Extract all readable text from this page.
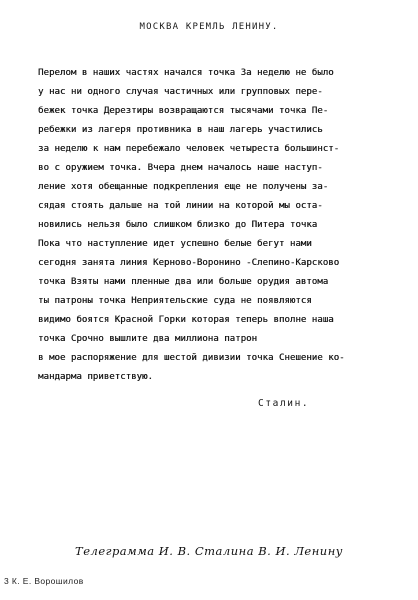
МОСКВА КРЕМЛЬ ЛЕНИНУ.
Перелом в наших частях начался точка За неделю не было
у нас ни одного случая частичных или групповых пере-
бежек точка Дерезтиры возвращаются тысячами точка Пе-
ребежки из лагеря противника в наш лагерь участились
за неделю к нам перебежало человек четыреста большинст-
во с оружием точка. Вчера днем началось наше наступ-
ление хотя обещанные подкрепления еще не получены за-
сядая стоять дальше на той линии на которой мы оста-
новились нельзя было слишком близко до Питера точка
Пока что наступление идет успешно белые бегут нами
сегодня занята линия Керново-Воронино -Слепино-Карсково
точка Взяты нами пленные два или больше орудия автома
ты патроны точка Неприятельские суда не появляются
видимо боятся Красной Горки которая теперь вполне наша
точка Срочно вышлите два миллиона патрон
в мое распоряжение для шестой дивизии точка Снешение ко-
мандарма приветствую.
Сталин.
Телеграмма И. В. Сталина В. И. Ленину
3 К. Е. Ворошилов
